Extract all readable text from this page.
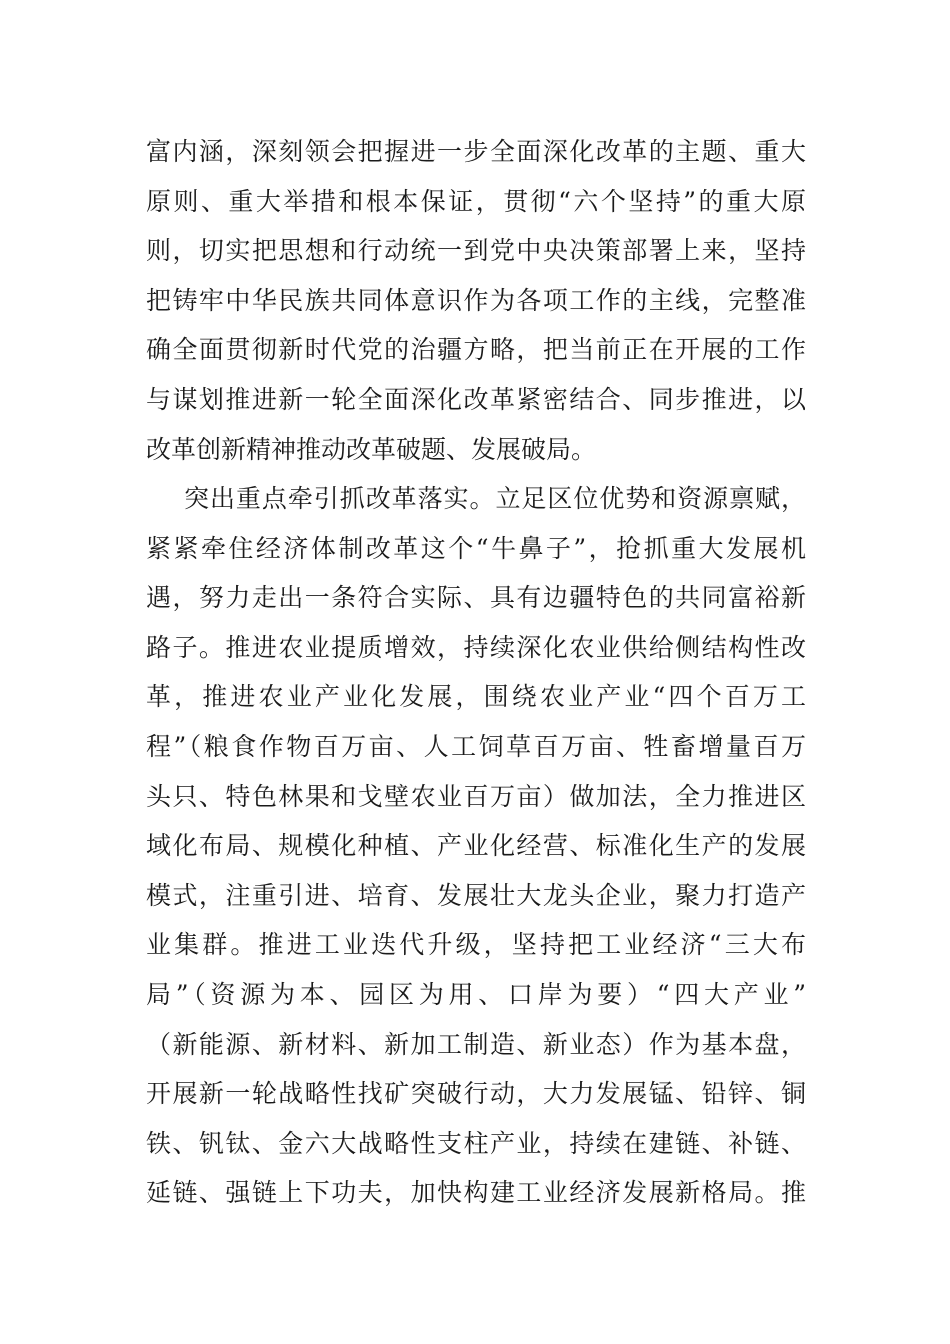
富内涵，深刻领会把握进一步全面深化改革的主题、重大
原则、重大举措和根本保证，贯彻“六个坚持”的重大原
则，切实把思想和行动统一到党中央决策部署上来，坚持
把铸牢中华民族共同体意识作为各项工作的主线，完整准
确全面贯彻新时代党的治疆方略，把当前正在开展的工作
与谋划推进新一轮全面深化改革紧密结合、同步推进，以
改革创新精神推动改革破题、发展破局。
突出重点牵引抓改革落实。立足区位优势和资源禀赋，
紧紧牵住经济体制改革这个“牛鼻子”，抢抓重大发展机
遇，努力走出一条符合实际、具有边疆特色的共同富裕新
路子。推进农业提质增效，持续深化农业供给侧结构性改
革，推进农业产业化发展，围绕农业产业“四个百万工
程”（粮食作物百万亩、人工饲草百万亩、牲畜增量百万
头只、特色林果和戈壁农业百万亩）做加法，全力推进区
域化布局、规模化种植、产业化经营、标准化生产的发展
模式，注重引进、培育、发展壮大龙头企业，聚力打造产
业集群。推进工业迭代升级，坚持把工业经济“三大布
局”（资源为本、园区为用、口岸为要）“四大产业”
（新能源、新材料、新加工制造、新业态）作为基本盘，
开展新一轮战略性找矿突破行动，大力发展锰、铅锌、铜
铁、钒钛、金六大战略性支柱产业，持续在建链、补链、
延链、强链上下功夫，加快构建工业经济发展新格局。推
